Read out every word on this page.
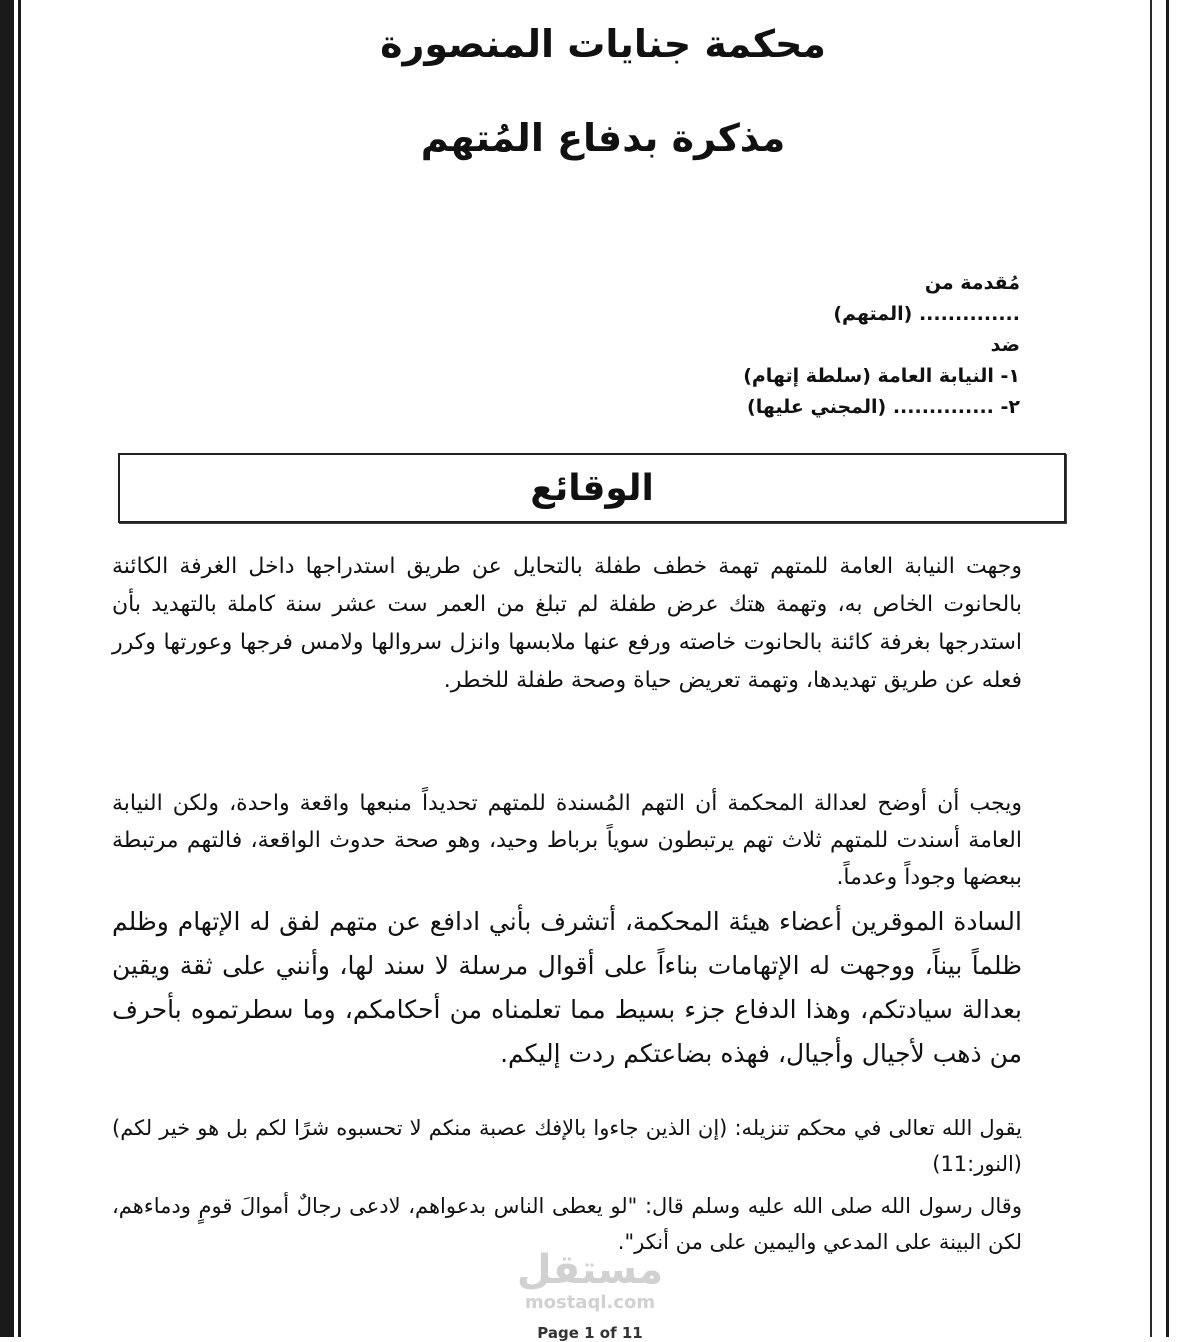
محكمة جنايات المنصورة
مذكرة بدفاع المُتهم
مُقدمة من
.............. (المتهم)
ضد
١- النيابة العامة (سلطة إتهام)
٢- .............. (المجني عليها)
الوقائع

وجهت النيابة العامة للمتهم تهمة خطف طفلة بالتحايل عن طريق استدراجها داخل الغرفة الكائنة بالحانوت الخاص به، وتهمة هتك عرض طفلة لم تبلغ من العمر ست عشر سنة كاملة بالتهديد بأن استدرجها بغرفة كائنة بالحانوت خاصته ورفع عنها ملابسها وانزل سروالها ولامس فرجها وعورتها وكرر فعله عن طريق تهديدها، وتهمة تعريض حياة وصحة طفلة للخطر.

ويجب أن أوضح لعدالة المحكمة أن التهم المُسندة للمتهم تحديداً منبعها واقعة واحدة، ولكن النيابة العامة أسندت للمتهم ثلاث تهم يرتبطون سوياً برباط وحيد، وهو صحة حدوث الواقعة، فالتهم مرتبطة ببعضها وجوداً وعدماً.

السادة الموقرين أعضاء هيئة المحكمة، أتشرف بأني ادافع عن متهم لفق له الإتهام وظلم ظلماً بيناً، ووجهت له الإتهامات بناءاً على أقوال مرسلة لا سند لها، وأنني على ثقة ويقين بعدالة سيادتكم، وهذا الدفاع جزء بسيط مما تعلمناه من أحكامكم، وما سطرتموه بأحرف من ذهب لأجيال وأجيال، فهذه بضاعتكم ردت إليكم.

يقول الله تعالى في محكم تنزيله: (إن الذين جاءوا بالإفك عصبة منكم لا تحسبوه شرًا لكم بل هو خير لكم) (النور:11)

وقال رسول الله صلى الله عليه وسلم قال: "لو يعطى الناس بدعواهم، لادعى رجالٌ أموالَ قومٍ ودماءهم، لكن البينة على المدعي واليمين على من أنكر".

مستقل
mostaql.com
Page 1 of 11
